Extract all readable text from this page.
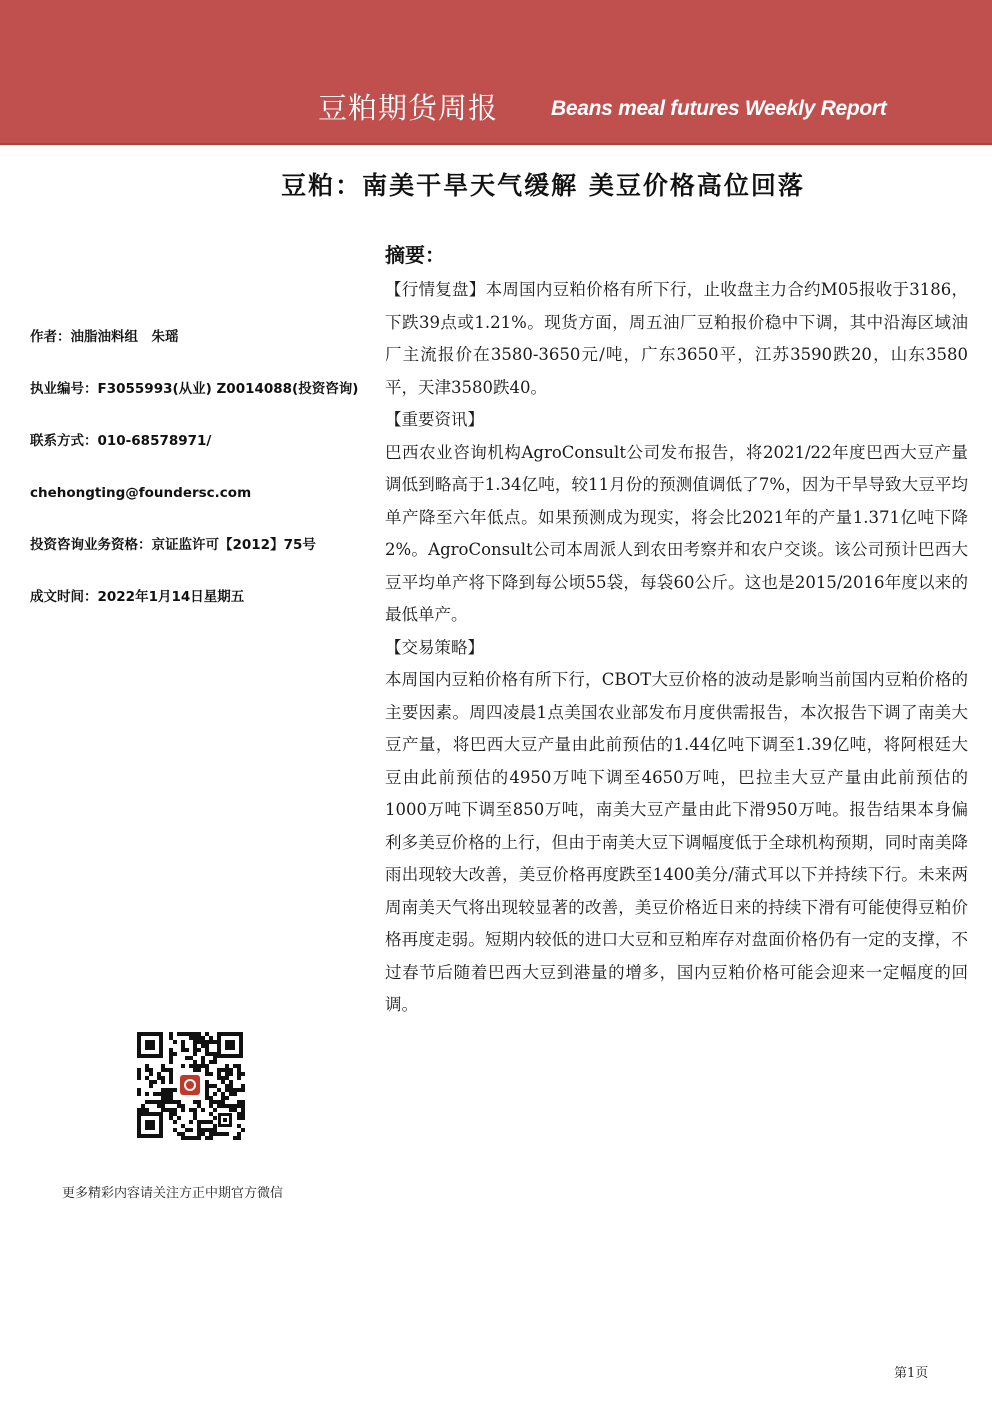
豆粕期货周报	Beans meal futures Weekly Report
豆粕：南美干旱天气缓解 美豆价格高位回落

作者：油脂油料组　朱瑶

执业编号：F3055993(从业) Z0014088(投资咨询)

联系方式：010-68578971/

chehongting@foundersc.com

投资咨询业务资格：京证监许可【2012】75号

成文时间：2022年1月14日星期五

更多精彩内容请关注方正中期官方微信
摘要：

【行情复盘】本周国内豆粕价格有所下行，止收盘主力合约M05报收于3186，下跌39点或1.21%。现货方面，周五油厂豆粕报价稳中下调，其中沿海区域油厂主流报价在3580-3650元/吨，广东3650平，江苏3590跌20，山东3580平，天津3580跌40。

【重要资讯】

巴西农业咨询机构AgroConsult公司发布报告，将2021/22年度巴西大豆产量调低到略高于1.34亿吨，较11月份的预测值调低了7%，因为干旱导致大豆平均单产降至六年低点。如果预测成为现实，将会比2021年的产量1.371亿吨下降2%。AgroConsult公司本周派人到农田考察并和农户交谈。该公司预计巴西大豆平均单产将下降到每公顷55袋，每袋60公斤。这也是2015/2016年度以来的最低单产。

【交易策略】

本周国内豆粕价格有所下行，CBOT大豆价格的波动是影响当前国内豆粕价格的主要因素。周四凌晨1点美国农业部发布月度供需报告，本次报告下调了南美大豆产量，将巴西大豆产量由此前预估的1.44亿吨下调至1.39亿吨，将阿根廷大豆由此前预估的4950万吨下调至4650万吨，巴拉圭大豆产量由此前预估的1000万吨下调至850万吨，南美大豆产量由此下滑950万吨。报告结果本身偏利多美豆价格的上行，但由于南美大豆下调幅度低于全球机构预期，同时南美降雨出现较大改善，美豆价格再度跌至1400美分/蒲式耳以下并持续下行。未来两周南美天气将出现较显著的改善，美豆价格近日来的持续下滑有可能使得豆粕价格再度走弱。短期内较低的进口大豆和豆粕库存对盘面价格仍有一定的支撑，不过春节后随着巴西大豆到港量的增多，国内豆粕价格可能会迎来一定幅度的回调。

第1页
